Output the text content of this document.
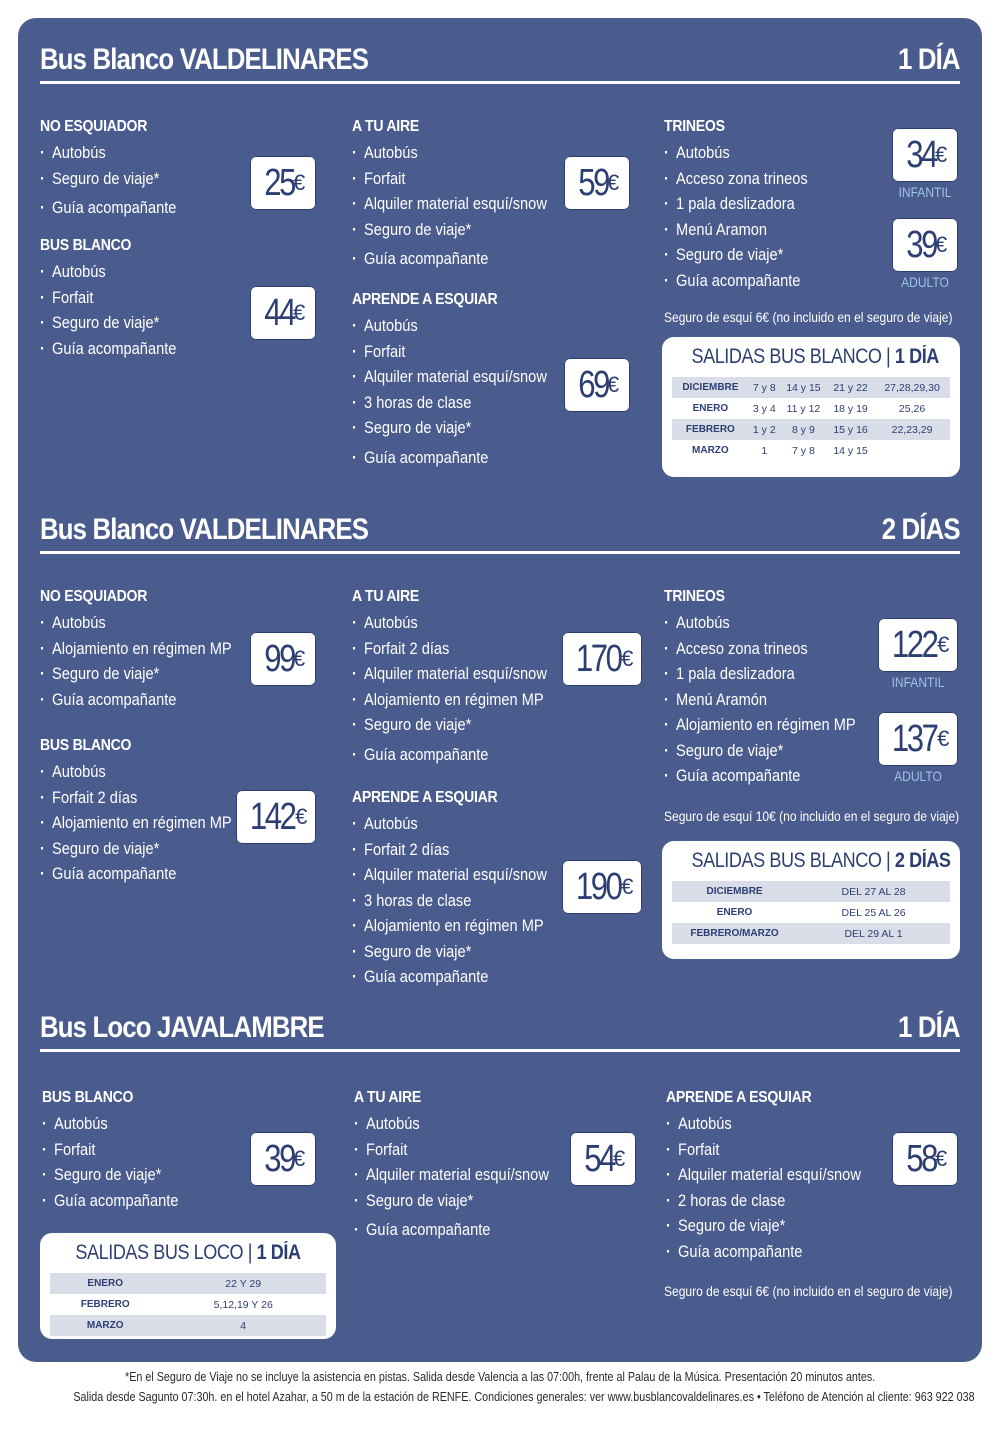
Bus Blanco VALDELINARES	1 DÍA
NO ESQUIADOR
· Autobús
· Seguro de viaje*
· Guía acompañante
25 €
BUS BLANCO
· Autobús
· Forfait
· Seguro de viaje*
· Guía acompañante
44 €
A TU AIRE
· Autobús
· Forfait
· Alquiler material esquí/snow
· Seguro de viaje*
· Guía acompañante
59 €
APRENDE A ESQUIAR
· Autobús
· Forfait
· Alquiler material esquí/snow
· 3 horas de clase
· Seguro de viaje*
· Guía acompañante
69 €
TRINEOS
· Autobús
· Acceso zona trineos
· 1 pala deslizadora
· Menú Aramon
· Seguro de viaje*
· Guía acompañante
34 €
INFANTIL
39 €
ADULTO
Seguro de esquí 6€ (no incluido en el seguro de viaje)
SALIDAS BUS BLANCO | 1 DÍA
DICIEMBRE	7 y 8	14 y 15	21 y 22	27,28,29,30
ENERO	3 y 4	11 y 12	18 y 19	25,26
FEBRERO	1 y 2	8 y 9	15 y 16	22,23,29
MARZO	1	7 y 8	14 y 15	
Bus Blanco VALDELINARES	2 DÍAS
NO ESQUIADOR
· Autobús
· Alojamiento en régimen MP
· Seguro de viaje*
· Guía acompañante
99 €
BUS BLANCO
· Autobús
· Forfait 2 días
· Alojamiento en régimen MP
· Seguro de viaje*
· Guía acompañante
142 €
A TU AIRE
· Autobús
· Forfait 2 días
· Alquiler material esquí/snow
· Alojamiento en régimen MP
· Seguro de viaje*
· Guía acompañante
170 €
APRENDE A ESQUIAR
· Autobús
· Forfait 2 días
· Alquiler material esquí/snow
· 3 horas de clase
· Alojamiento en régimen MP
· Seguro de viaje*
· Guía acompañante
190 €
TRINEOS
· Autobús
· Acceso zona trineos
· 1 pala deslizadora
· Menú Aramón
· Alojamiento en régimen MP
· Seguro de viaje*
· Guía acompañante
122 €
INFANTIL
137 €
ADULTO
Seguro de esquí 10€ (no incluido en el seguro de viaje)
SALIDAS BUS BLANCO | 2 DÍAS
DICIEMBRE	DEL 27 AL 28
ENERO	DEL 25 AL 26
FEBRERO/MARZO	DEL 29 AL 1
Bus Loco JAVALAMBRE	1 DÍA
BUS BLANCO
· Autobús
· Forfait
· Seguro de viaje*
· Guía acompañante
39 €
A TU AIRE
· Autobús
· Forfait
· Alquiler material esquí/snow
· Seguro de viaje*
· Guía acompañante
54 €
APRENDE A ESQUIAR
· Autobús
· Forfait
· Alquiler material esquí/snow
· 2 horas de clase
· Seguro de viaje*
· Guía acompañante
58 €
Seguro de esquí 6€ (no incluido en el seguro de viaje)
SALIDAS BUS LOCO | 1 DÍA
ENERO	22 Y 29
FEBRERO	5,12,19 Y 26
MARZO	4
*En el Seguro de Viaje no se incluye la asistencia en pistas. Salida desde Valencia a las 07:00h, frente al Palau de la Música. Presentación 20 minutos antes.
Salida desde Sagunto 07:30h. en el hotel Azahar, a 50 m de la estación de RENFE. Condiciones generales: ver www.busblancovaldelinares.es • Teléfono de Atención al cliente: 963 922 038
